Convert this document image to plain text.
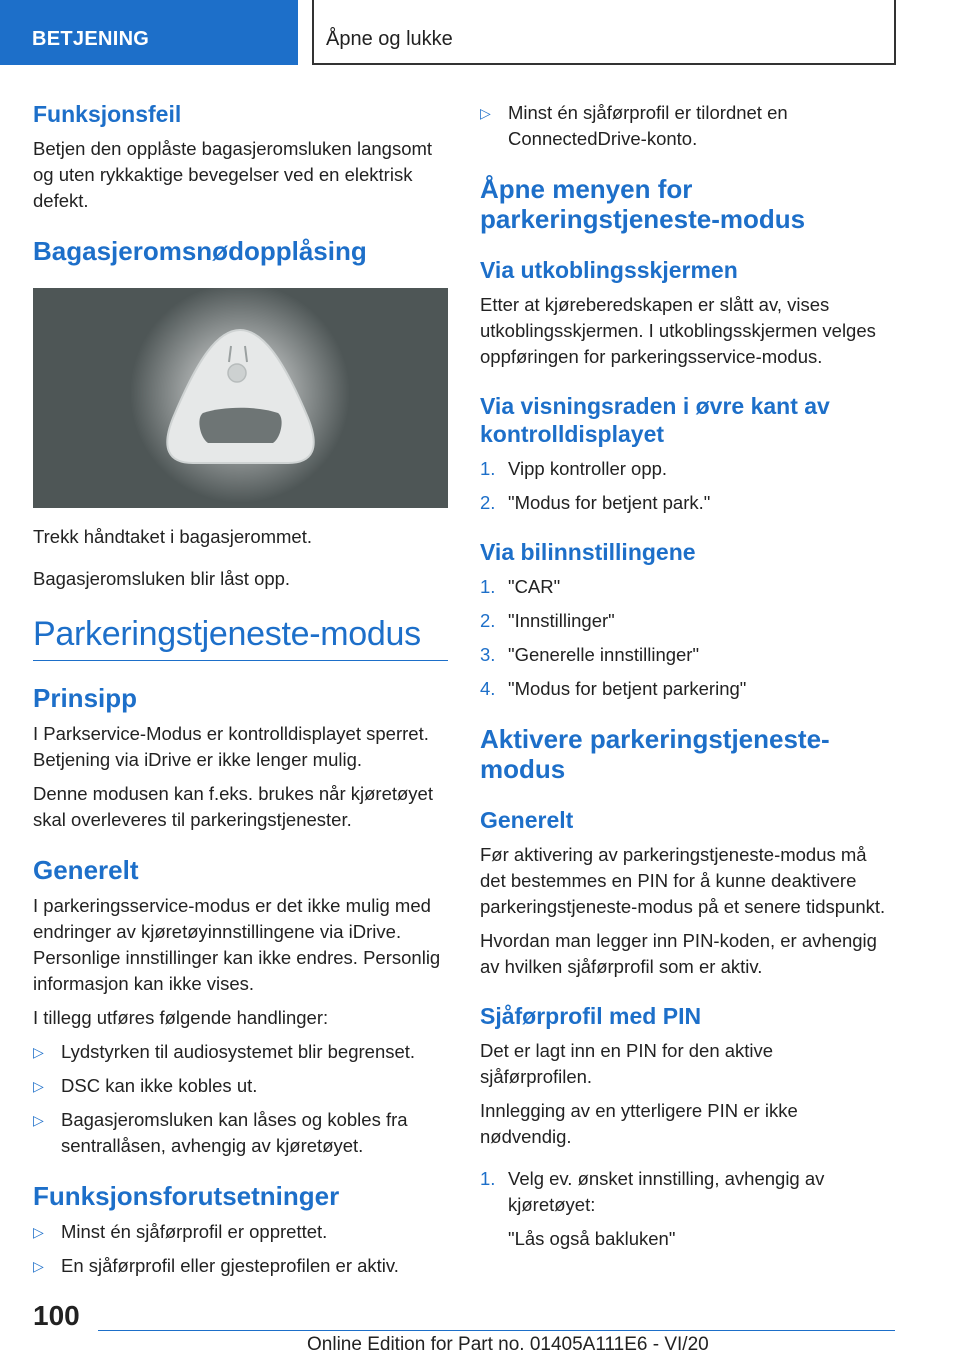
BETJENING	Åpne og lukke
Funksjonsfeil

Betjen den opplåste bagasjeromsluken langsomt og uten rykkaktige bevegelser ved en elektrisk defekt.

Bagasjeromsnødopplåsing

Trekk håndtaket i bagasjerommet.

Bagasjeromsluken blir låst opp.

Parkeringstjeneste-modus
Prinsipp

I Parkservice-Modus er kontrolldisplayet sperret. Betjening via iDrive er ikke lenger mulig.

Denne modusen kan f.eks. brukes når kjøretøyet skal overleveres til parkeringstjenester.

Generelt

I parkeringsservice-modus er det ikke mulig med endringer av kjøretøyinnstillingene via iDrive. Personlige innstillinger kan ikke endres. Personlig informasjon kan ikke vises.

I tillegg utføres følgende handlinger:

▷ Lydstyrken til audiosystemet blir begrenset.
▷ DSC kan ikke kobles ut.
▷ Bagasjeromsluken kan låses og kobles fra sentrallåsen, avhengig av kjøretøyet.
Funksjonsforutsetninger
▷ Minst én sjåførprofil er opprettet.
▷ En sjåførprofil eller gjesteprofilen er aktiv.
▷ Minst én sjåførprofil er tilordnet en ConnectedDrive-konto.
Åpne menyen for parkeringstjeneste-modus
Via utkoblingsskjermen

Etter at kjøreberedskapen er slått av, vises utkoblingsskjermen. I utkoblingsskjermen velges oppføringen for parkeringsservice-modus.

Via visningsraden i øvre kant av kontrolldisplayet
1. Vipp kontroller opp.
2. "Modus for betjent park."
Via bilinnstillingene
1. "CAR"
2. "Innstillinger"
3. "Generelle innstillinger"
4. "Modus for betjent parkering"
Aktivere parkeringstjeneste-modus
Generelt

Før aktivering av parkeringstjeneste-modus må det bestemmes en PIN for å kunne deaktivere parkeringstjeneste-modus på et senere tidspunkt.

Hvordan man legger inn PIN-koden, er avhengig av hvilken sjåførprofil som er aktiv.

Sjåførprofil med PIN

Det er lagt inn en PIN for den aktive sjåførprofilen.

Innlegging av en ytterligere PIN er ikke nødvendig.

1. Velg ev. ønsket innstilling, avhengig av kjøretøyet:

"Lås også bakluken"

100
Online Edition for Part no. 01405A111E6 - VI/20
